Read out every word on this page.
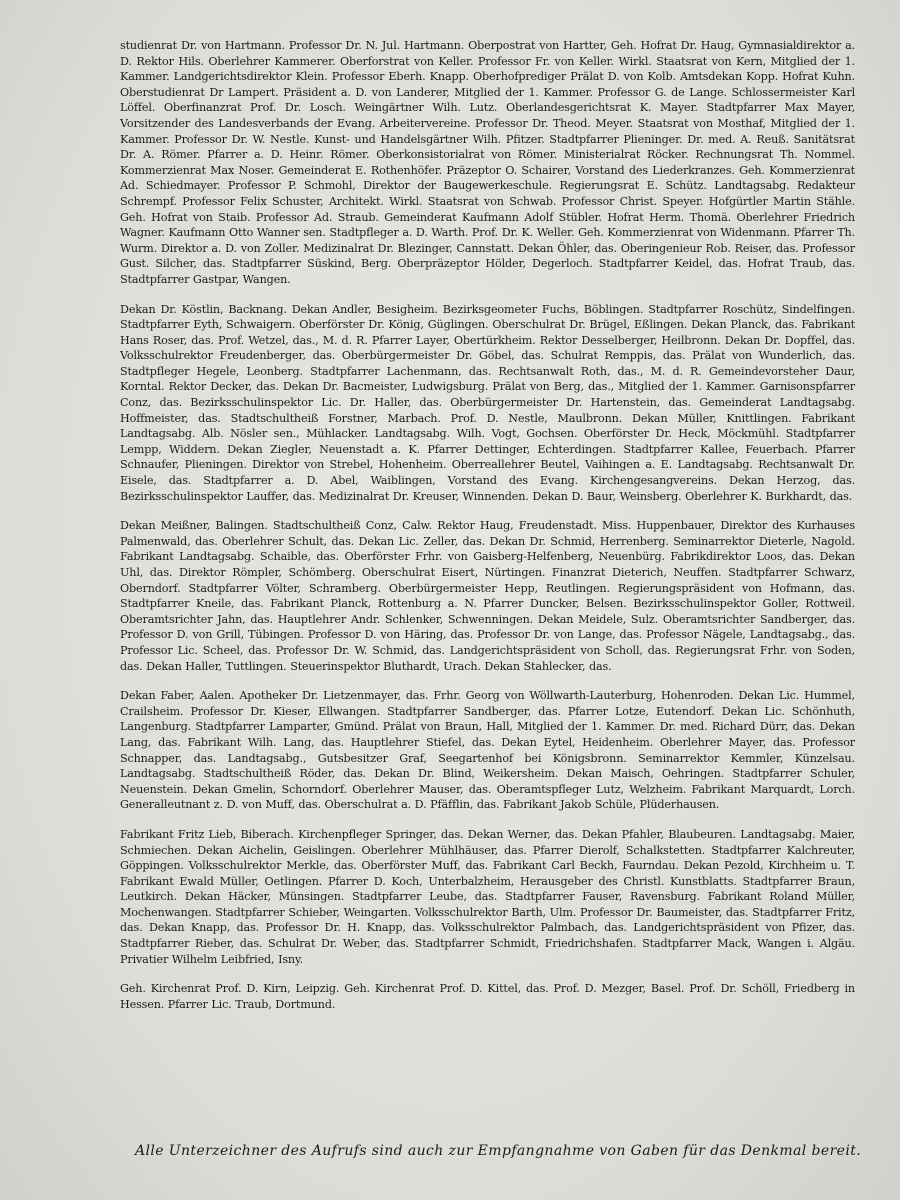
studienrat Dr. von Hartmann. Professor Dr. N. Jul. Hartmann. Oberpostrat von Hartter, Geh. Hofrat Dr. Haug, Gymnasialdirektor a. D. Rektor Hils. Oberlehrer Kammerer. Oberforstrat von Keller. Professor Fr. von Keller. Wirkl. Staatsrat von Kern, Mitglied der 1. Kammer. Landgerichtsdirektor Klein. Professor Eberh. Knapp. Oberhofprediger Prälat D. von Kolb. Amtsdekan Kopp. Hofrat Kuhn. Oberstudienrat Dr Lampert. Präsident a. D. von Landerer, Mitglied der 1. Kammer. Professor G. de Lange. Schlossermeister Karl Löffel. Oberfinanzrat Prof. Dr. Losch. Weingärtner Wilh. Lutz. Oberlandesgerichtsrat K. Mayer. Stadtpfarrer Max Mayer, Vorsitzender des Landesverbands der Evang. Arbeitervereine. Professor Dr. Theod. Meyer. Staatsrat von Mosthaf, Mitglied der 1. Kammer. Professor Dr. W. Nestle. Kunst- und Handelsgärtner Wilh. Pfitzer. Stadtpfarrer Plieninger. Dr. med. A. Reuß. Sanitätsrat Dr. A. Römer. Pfarrer a. D. Heinr. Römer. Oberkonsistorialrat von Römer. Ministerialrat Röcker. Rechnungsrat Th. Nommel. Kommerzienrat Max Noser. Gemeinderat E. Rothenhöfer. Präzeptor O. Schairer, Vorstand des Liederkranzes. Geh. Kommerzienrat Ad. Schiedmayer. Professor P. Schmohl, Direktor der Baugewerkeschule. Regierungsrat E. Schütz. Landtagsabg. Redakteur Schrempf. Professor Felix Schuster, Architekt. Wirkl. Staatsrat von Schwab. Professor Christ. Speyer. Hofgürtler Martin Stähle. Geh. Hofrat von Staib. Professor Ad. Straub. Gemeinderat Kaufmann Adolf Stübler. Hofrat Herm. Thomä. Oberlehrer Friedrich Wagner. Kaufmann Otto Wanner sen. Stadtpfleger a. D. Warth. Prof. Dr. K. Weller. Geh. Kommerzienrat von Widenmann. Pfarrer Th. Wurm. Direktor a. D. von Zoller. Medizinalrat Dr. Blezinger, Cannstatt. Dekan Öhler, das. Oberingenieur Rob. Reiser, das. Professor Gust. Silcher, das. Stadtpfarrer Süskind, Berg. Oberpräzeptor Hölder, Degerloch. Stadtpfarrer Keidel, das. Hofrat Traub, das. Stadtpfarrer Gastpar, Wangen.

Dekan Dr. Köstlin, Backnang. Dekan Andler, Besigheim. Bezirksgeometer Fuchs, Böblingen. Stadtpfarrer Roschütz, Sindelfingen. Stadtpfarrer Eyth, Schwaigern. Oberförster Dr. König, Güglingen. Oberschulrat Dr. Brügel, Eßlingen. Dekan Planck, das. Fabrikant Hans Roser, das. Prof. Wetzel, das., M. d. R. Pfarrer Layer, Obertürkheim. Rektor Desselberger, Heilbronn. Dekan Dr. Dopffel, das. Volksschulrektor Freudenberger, das. Oberbürgermeister Dr. Göbel, das. Schulrat Remppis, das. Prälat von Wunderlich, das. Stadtpfleger Hegele, Leonberg. Stadtpfarrer Lachenmann, das. Rechtsanwalt Roth, das., M. d. R. Gemeindevorsteher Daur, Korntal. Rektor Decker, das. Dekan Dr. Bacmeister, Ludwigsburg. Prälat von Berg, das., Mitglied der 1. Kammer. Garnisonspfarrer Conz, das. Bezirksschulinspektor Lic. Dr. Haller, das. Oberbürgermeister Dr. Hartenstein, das. Gemeinderat Landtagsabg. Hoffmeister, das. Stadtschultheiß Forstner, Marbach. Prof. D. Nestle, Maulbronn. Dekan Müller, Knittlingen. Fabrikant Landtagsabg. Alb. Nösler sen., Mühlacker. Landtagsabg. Wilh. Vogt, Gochsen. Oberförster Dr. Heck, Möckmühl. Stadtpfarrer Lempp, Widdern. Dekan Ziegler, Neuenstadt a. K. Pfarrer Dettinger, Echterdingen. Stadtpfarrer Kallee, Feuerbach. Pfarrer Schnaufer, Plieningen. Direktor von Strebel, Hohenheim. Oberreallehrer Beutel, Vaihingen a. E. Landtagsabg. Rechtsanwalt Dr. Eisele, das. Stadtpfarrer a. D. Abel, Waiblingen, Vorstand des Evang. Kirchengesangvereins. Dekan Herzog, das. Bezirksschulinspektor Lauffer, das. Medizinalrat Dr. Kreuser, Winnenden. Dekan D. Baur, Weinsberg. Oberlehrer K. Burkhardt, das.

Dekan Meißner, Balingen. Stadtschultheiß Conz, Calw. Rektor Haug, Freudenstadt. Miss. Huppenbauer, Direktor des Kurhauses Palmenwald, das. Oberlehrer Schult, das. Dekan Lic. Zeller, das. Dekan Dr. Schmid, Herrenberg. Seminarrektor Dieterle, Nagold. Fabrikant Landtagsabg. Schaible, das. Oberförster Frhr. von Gaisberg-Helfenberg, Neuenbürg. Fabrikdirektor Loos, das. Dekan Uhl, das. Direktor Römpler, Schömberg. Oberschulrat Eisert, Nürtingen. Finanzrat Dieterich, Neuffen. Stadtpfarrer Schwarz, Oberndorf. Stadtpfarrer Völter, Schramberg. Oberbürgermeister Hepp, Reutlingen. Regierungspräsident von Hofmann, das. Stadtpfarrer Kneile, das. Fabrikant Planck, Rottenburg a. N. Pfarrer Duncker, Belsen. Bezirksschulinspektor Goller, Rottweil. Oberamtsrichter Jahn, das. Hauptlehrer Andr. Schlenker, Schwenningen. Dekan Meidele, Sulz. Oberamtsrichter Sandberger, das. Professor D. von Grill, Tübingen. Professor D. von Häring, das. Professor Dr. von Lange, das. Professor Nägele, Landtagsabg., das. Professor Lic. Scheel, das. Professor Dr. W. Schmid, das. Landgerichtspräsident von Scholl, das. Regierungsrat Frhr. von Soden, das. Dekan Haller, Tuttlingen. Steuerinspektor Bluthardt, Urach. Dekan Stahlecker, das.

Dekan Faber, Aalen. Apotheker Dr. Lietzenmayer, das. Frhr. Georg von Wöllwarth-Lauterburg, Hohenroden. Dekan Lic. Hummel, Crailsheim. Professor Dr. Kieser, Ellwangen. Stadtpfarrer Sandberger, das. Pfarrer Lotze, Eutendorf. Dekan Lic. Schönhuth, Langenburg. Stadtpfarrer Lamparter, Gmünd. Prälat von Braun, Hall, Mitglied der 1. Kammer. Dr. med. Richard Dürr, das. Dekan Lang, das. Fabrikant Wilh. Lang, das. Hauptlehrer Stiefel, das. Dekan Eytel, Heidenheim. Oberlehrer Mayer, das. Professor Schnapper, das. Landtagsabg., Gutsbesitzer Graf, Seegartenhof bei Königsbronn. Seminarrektor Kemmler, Künzelsau. Landtagsabg. Stadtschultheiß Röder, das. Dekan Dr. Blind, Weikersheim. Dekan Maisch, Oehringen. Stadtpfarrer Schuler, Neuenstein. Dekan Gmelin, Schorndorf. Oberlehrer Mauser, das. Oberamtspfleger Lutz, Welzheim. Fabrikant Marquardt, Lorch. Generalleutnant z. D. von Muff, das. Oberschulrat a. D. Pfäfflin, das. Fabrikant Jakob Schüle, Plüderhausen.

Fabrikant Fritz Lieb, Biberach. Kirchenpfleger Springer, das. Dekan Werner, das. Dekan Pfahler, Blaubeuren. Landtagsabg. Maier, Schmiechen. Dekan Aichelin, Geislingen. Oberlehrer Mühlhäuser, das. Pfarrer Dierolf, Schalkstetten. Stadtpfarrer Kalchreuter, Göppingen. Volksschulrektor Merkle, das. Oberförster Muff, das. Fabrikant Carl Beckh, Faurndau. Dekan Pezold, Kirchheim u. T. Fabrikant Ewald Müller, Oetlingen. Pfarrer D. Koch, Unterbalzheim, Herausgeber des Christl. Kunstblatts. Stadtpfarrer Braun, Leutkirch. Dekan Häcker, Münsingen. Stadtpfarrer Leube, das. Stadtpfarrer Fauser, Ravensburg. Fabrikant Roland Müller, Mochenwangen. Stadtpfarrer Schieber, Weingarten. Volksschulrektor Barth, Ulm. Professor Dr. Baumeister, das. Stadtpfarrer Fritz, das. Dekan Knapp, das. Professor Dr. H. Knapp, das. Volksschulrektor Palmbach, das. Landgerichtspräsident von Pfizer, das. Stadtpfarrer Rieber, das. Schulrat Dr. Weber, das. Stadtpfarrer Schmidt, Friedrichshafen. Stadtpfarrer Mack, Wangen i. Algäu. Privatier Wilhelm Leibfried, Isny.

Geh. Kirchenrat Prof. D. Kirn, Leipzig. Geh. Kirchenrat Prof. D. Kittel, das. Prof. D. Mezger, Basel. Prof. Dr. Schöll, Friedberg in Hessen. Pfarrer Lic. Traub, Dortmund.

Alle Unterzeichner des Aufrufs sind auch zur Empfangnahme von Gaben für das Denkmal bereit.
